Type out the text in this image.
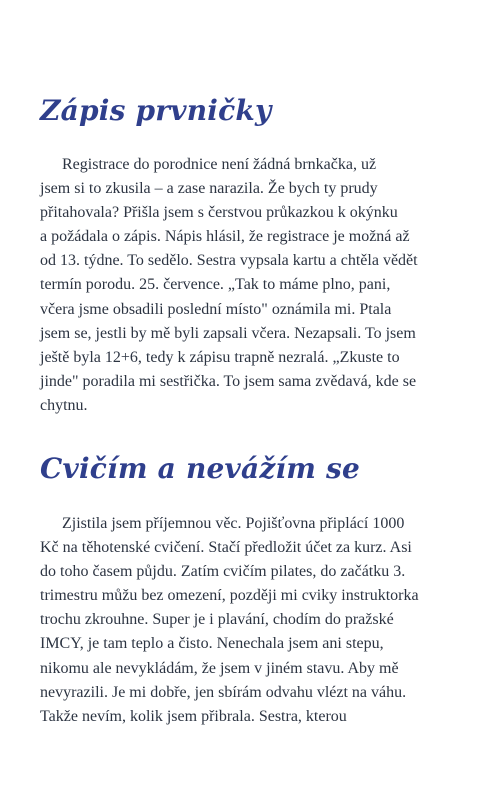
Zápis prvničky
Registrace do porodnice není žádná brnkačka, už
jsem si to zkusila – a zase narazila. Že bych ty prudy
přitahovala? Přišla jsem s čerstvou průkazkou k okýnku
a požádala o zápis. Nápis hlásil, že registrace je možná až
od 13. týdne. To sedělo. Sestra vypsala kartu a chtěla vědět
termín porodu. 25. července. „Tak to máme plno, pani,
včera jsme obsadili poslední místo" oznámila mi. Ptala
jsem se, jestli by mě byli zapsali včera. Nezapsali. To jsem
ještě byla 12+6, tedy k zápisu trapně nezralá. „Zkuste to
jinde" poradila mi sestřička. To jsem sama zvědavá, kde se
chytnu.
Cvičím a nevážím se
Zjistila jsem příjemnou věc. Pojišťovna připlácí 1000
Kč na těhotenské cvičení. Stačí předložit účet za kurz. Asi
do toho časem půjdu. Zatím cvičím pilates, do začátku 3.
trimestru můžu bez omezení, později mi cviky instruktorka
trochu zkrouhne. Super je i plavání, chodím do pražské
IMCY, je tam teplo a čisto. Nenechala jsem ani stepu,
nikomu ale nevykládám, že jsem v jiném stavu. Aby mě
nevyrazili. Je mi dobře, jen sbírám odvahu vlézt na váhu.
Takže nevím, kolik jsem přibrala. Sestra, kterou
